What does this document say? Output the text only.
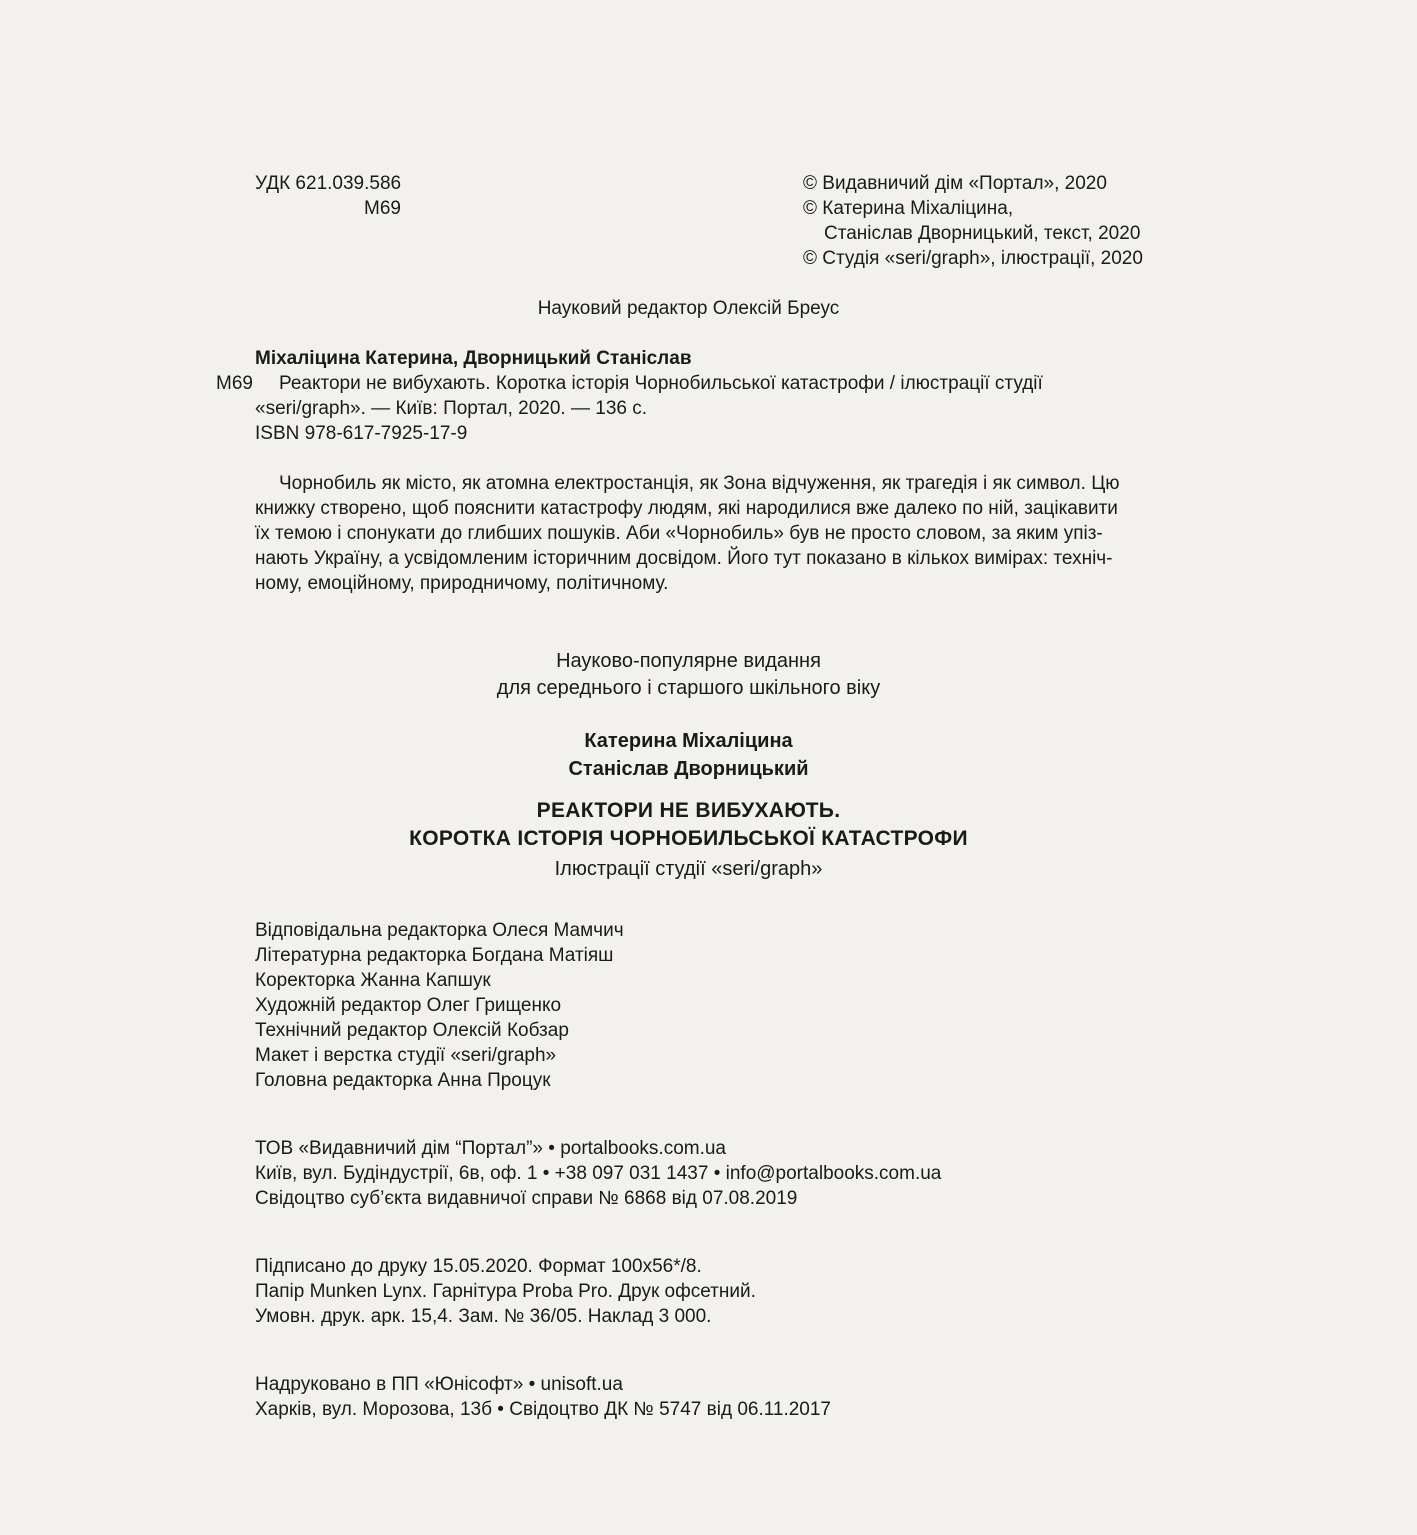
УДК 621.039.586
М69
© Видавничий дім «Портал», 2020
© Катерина Міхаліцина,
Станіслав Дворницький, текст, 2020
© Студія «seri/graph», ілюстрації, 2020
Науковий редактор Олексій Бреус
Міхаліцина Катерина, Дворницький Станіслав
Реактори не вибухають. Коротка історія Чорнобильської катастрофи / ілюстрації студії
«seri/graph». — Київ: Портал, 2020. — 136 с.
ISBN 978-617-7925-17-9
М69
Чорнобиль як місто, як атомна електростанція, як Зона відчуження, як трагедія і як символ. Цю
книжку створено, щоб пояснити катастрофу людям, які народилися вже далеко по ній, зацікавити
їх темою і спонукати до глибших пошуків. Аби «Чорнобиль» був не просто словом, за яким упіз-
нають Україну, а усвідомленим історичним досвідом. Його тут показано в кількох вимірах: техніч-
ному, емоційному, природничому, політичному.
Науково-популярне видання
для середнього і старшого шкільного віку
Катерина Міхаліцина
Станіслав Дворницький
РЕАКТОРИ НЕ ВИБУХАЮТЬ.
КОРОТКА ІСТОРІЯ ЧОРНОБИЛЬСЬКОЇ КАТАСТРОФИ
Ілюстрації студії «seri/graph»
Відповідальна редакторка Олеся Мамчич
Літературна редакторка Богдана Матіяш
Коректорка Жанна Капшук
Художній редактор Олег Грищенко
Технічний редактор Олексій Кобзар
Макет і верстка студії «seri/graph»
Головна редакторка Анна Процук
ТОВ «Видавничий дім “Портал”» • portalbooks.com.ua
Київ, вул. Будіндустрії, 6в, оф. 1 • +38 097 031 1437 • info@portalbooks.com.ua
Свідоцтво суб’єкта видавничої справи № 6868 від 07.08.2019
Підписано до друку 15.05.2020. Формат 100х56*/8.
Папір Munken Lynx. Гарнітура Proba Pro. Друк офсетний.
Умовн. друк. арк. 15,4. Зам. № 36/05. Наклад 3 000.
Надруковано в ПП «Юнісофт» • unisoft.ua
Харків, вул. Морозова, 13б • Свідоцтво ДК № 5747 від 06.11.2017
